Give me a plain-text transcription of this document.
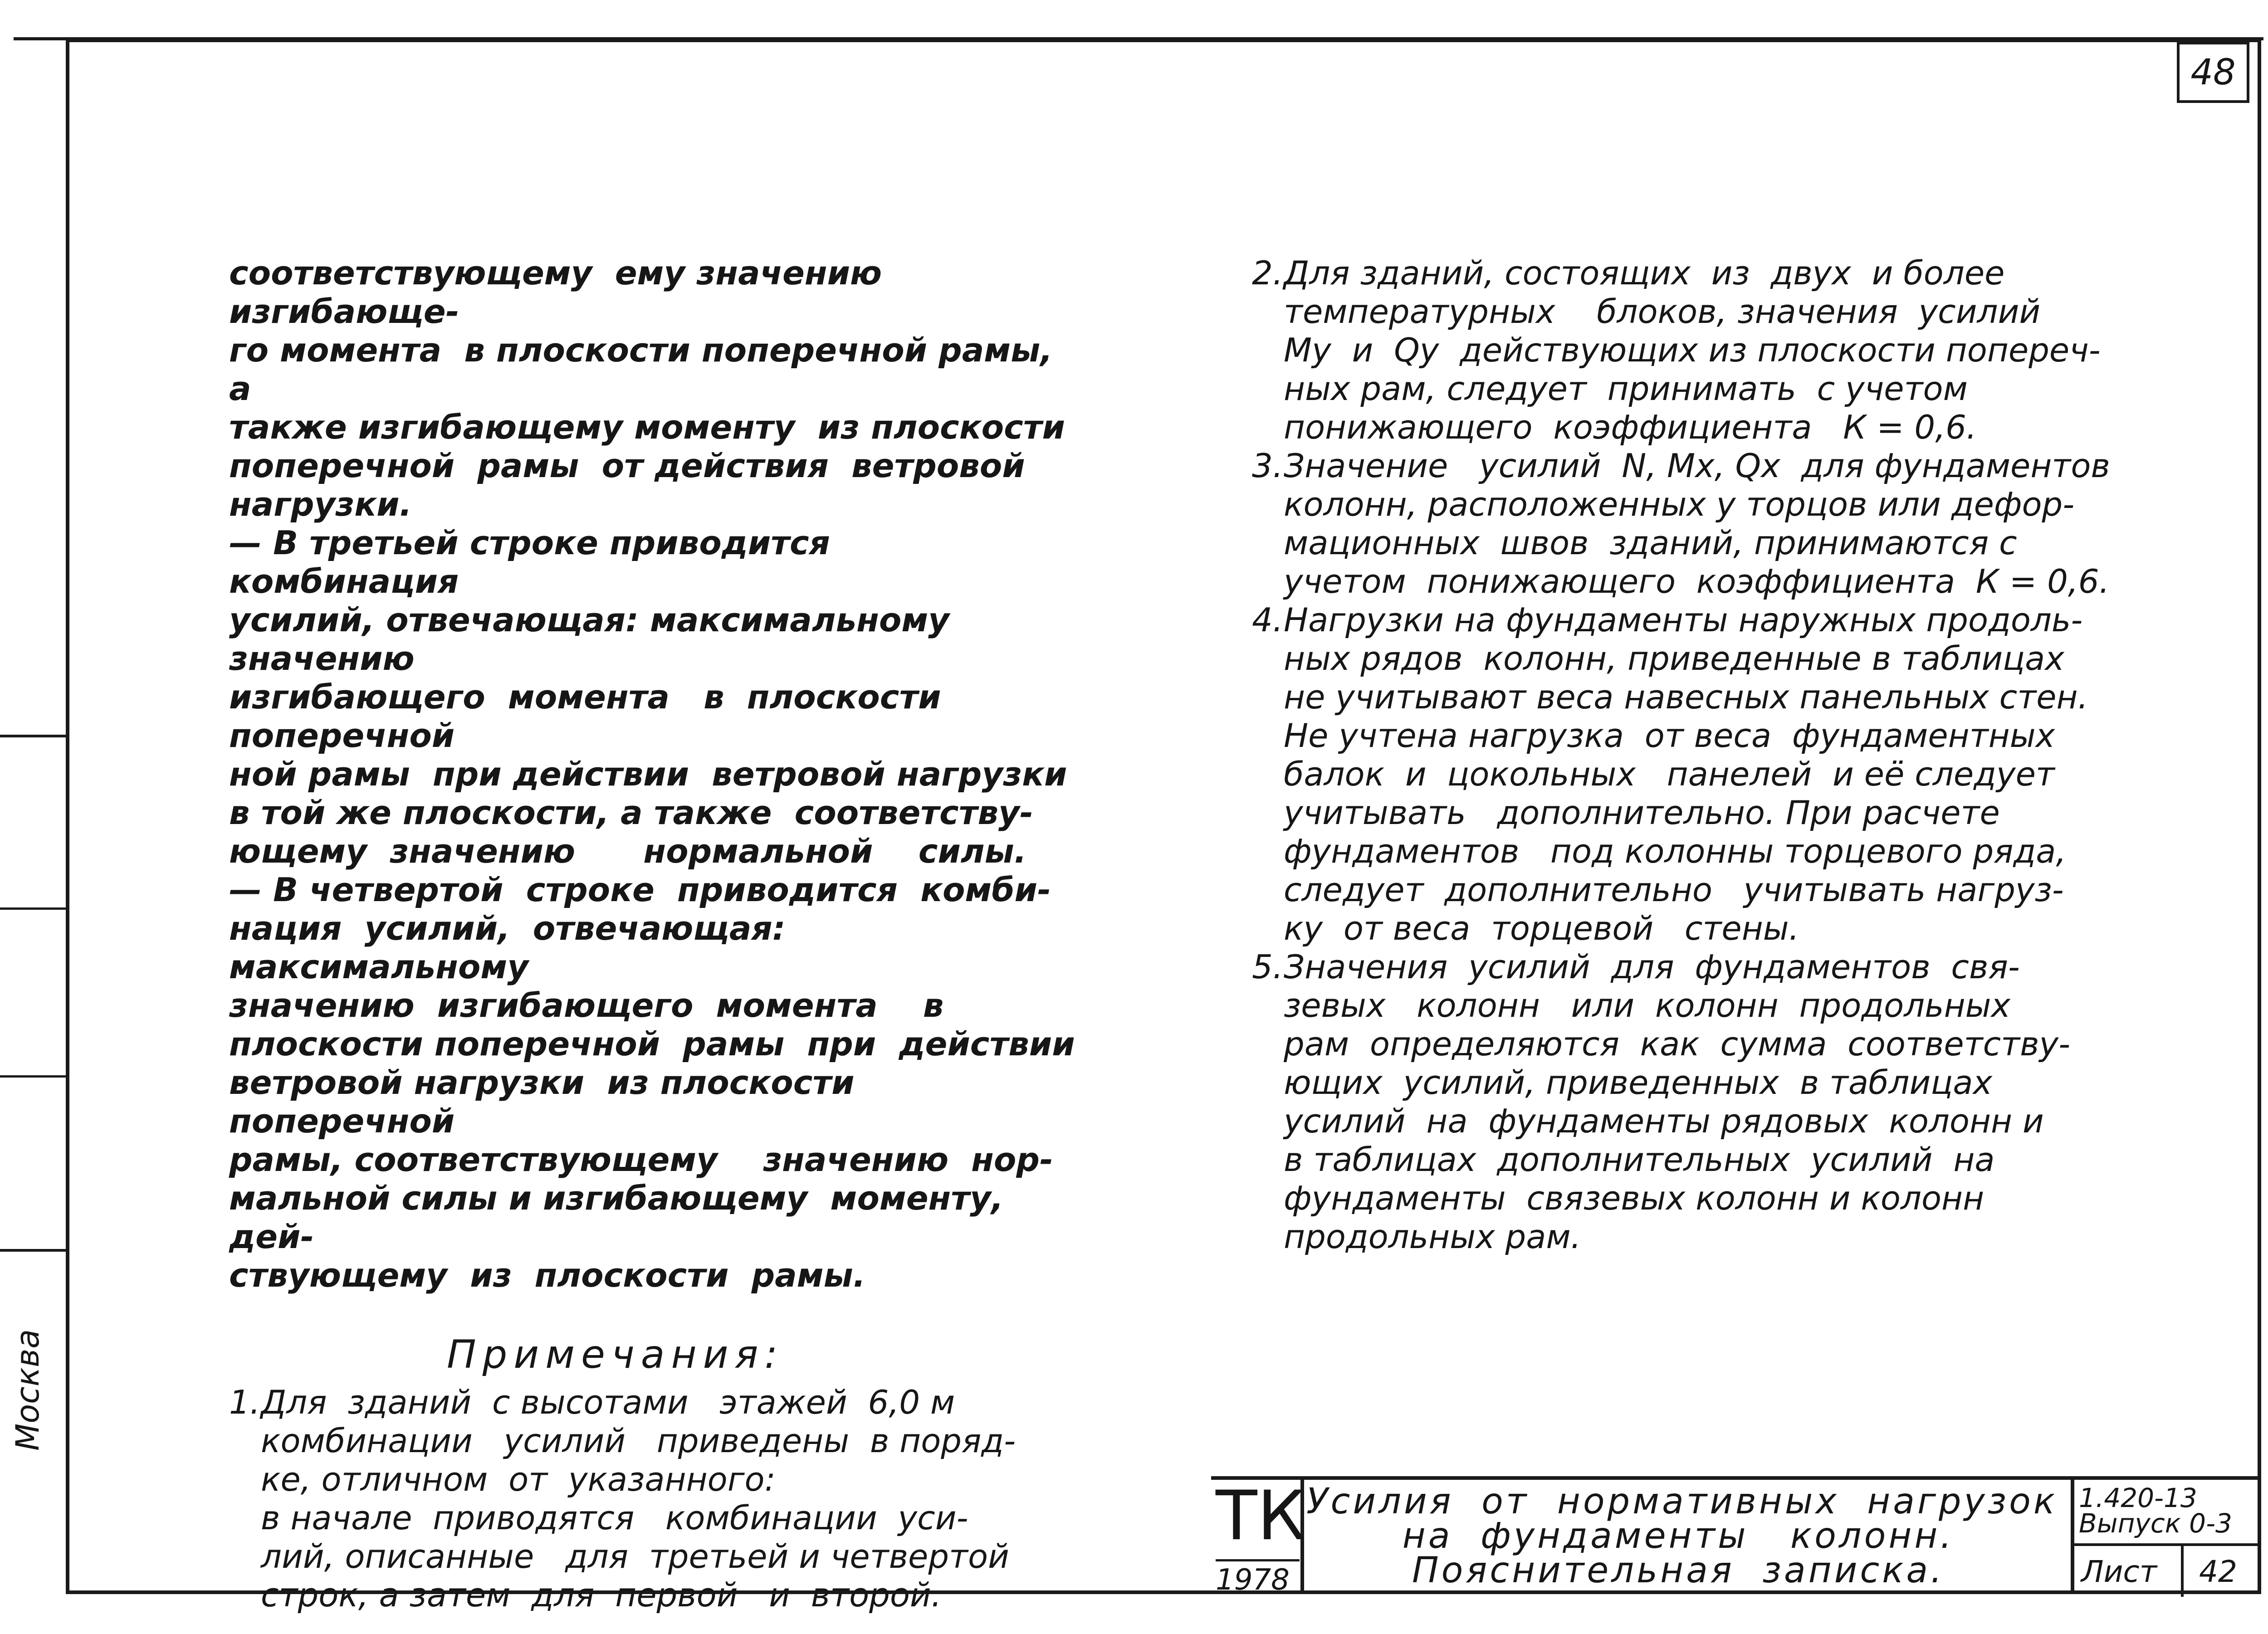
48

соответствующему  ему значению изгибающе-
го момента  в плоскости поперечной рамы, а
также изгибающему моменту  из плоскости
поперечной  рамы  от действия  ветровой
нагрузки.

— В третьей строке приводится  комбинация
усилий, отвечающая: максимальному значению
изгибающего  момента   в  плоскости поперечной
ной рамы  при действии  ветровой нагрузки
в той же плоскости, а также  соответству-
ющему  значению      нормальной    силы.

— В четвертой  строке  приводится  комби-
нация  усилий,  отвечающая: максимальному
значению  изгибающего  момента    в
плоскости поперечной  рамы  при  действии
ветровой нагрузки  из плоскости  поперечной
рамы, соответствующему    значению  нор-
мальной силы и изгибающему  моменту, дей-
ствующему  из  плоскости  рамы.

Примечания:
1. Для  зданий  с высотами   этажей  6,0 м
комбинации   усилий   приведены  в поряд-
ке, отличном  от  указанного:
в начале  приводятся   комбинации  уси-
лий, описанные   для  третьей и четвертой
строк, а затем  для  первой   и  второй.
2. Для зданий, состоящих  из  двух  и более
температурных    блоков, значения  усилий
My  и  Qy  действующих из плоскости попереч-
ных рам, следует  принимать  с учетом
понижающего  коэффициента   К = 0,6.
3. Значение   усилий  N, Mx, Qx  для фундаментов
колонн, расположенных у торцов или дефор-
мационных  швов  зданий, принимаются с
учетом  понижающего  коэффициента  К = 0,6.
4. Нагрузки на фундаменты наружных продоль-
ных рядов  колонн, приведенные в таблицах
не учитывают веса навесных панельных стен.
Не учтена нагрузка  от веса  фундаментных
балок  и  цокольных   панелей  и её следует
учитывать   дополнительно. При расчете
фундаментов   под колонны торцевого ряда,
следует  дополнительно   учитывать нагруз-
ку  от веса  торцевой   стены.
5. Значения  усилий  для  фундаментов  свя-
зевых   колонн   или  колонн  продольных
рам  определяются  как  сумма  соответству-
ющих  усилий, приведенных  в таблицах
усилий  на  фундаменты рядовых  колонн и
в таблицах  дополнительных  усилий  на
фундаменты  связевых колонн и колонн
продольных рам.
Москва
ТК
1978
Усилия  от  нормативных  нагрузок
на  фундаменты   колонн.
Пояснительная  записка.
1.420-13
Выпуск 0-3
Лист 42
